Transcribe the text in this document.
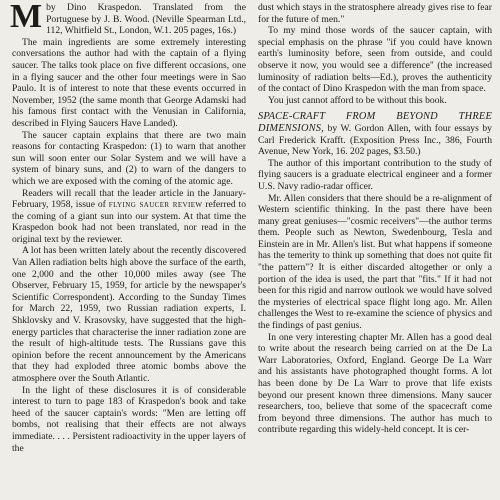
Mby Dino Kraspedon. Translated from the Portuguese by J. B. Wood. (Neville Spearman Ltd., 112, Whitfield St., London, W.1. 205 pages, 16s.)

The main ingredients are some extremely interesting conversations the author had with the captain of a flying saucer. The talks took place on five different occasions, one in a flying saucer and the other four meetings were in Sao Paulo. It is of interest to note that these events occurred in November, 1952 (the same month that George Adamski had his famous first contact with the Venusian in California, described in Flying Saucers Have Landed).

The saucer captain explains that there are two main reasons for contacting Kraspedon: (1) to warn that another sun will soon enter our Solar System and we will have a system of binary suns, and (2) to warn of the dangers to which we are exposed with the coming of the atomic age.

Readers will recall that the leader article in the January-February, 1958, issue of flying saucer review referred to the coming of a giant sun into our system. At that time the Kraspedon book had not been translated, nor read in the original text by the reviewer.

A lot has been written lately about the recently discovered Van Allen radiation belts high above the surface of the earth, one 2,000 and the other 10,000 miles away (see The Observer, February 15, 1959, for article by the newspaper's Scientific Correspondent). According to the Sunday Times for March 22, 1959, two Russian radiation experts, I. Shklovsky and V. Krasovsky, have suggested that the high-energy particles that characterise the inner radiation zone are the result of high-altitude tests. The Russians gave this opinion before the recent announcement by the Americans that they had exploded three atomic bombs above the atmosphere over the South Atlantic.

In the light of these disclosures it is of considerable interest to turn to page 183 of Kraspedon's book and take heed of the saucer captain's words: "Men are letting off bombs, not realising that their effects are not always immediate. . . . Persistent radioactivity in the upper layers of the

dust which stays in the stratosphere already gives rise to fear for the future of men."

To my mind those words of the saucer captain, with special emphasis on the phrase "if you could have known earth's luminosity before, seen from outside, and could observe it now, you would see a difference" (the increased luminosity of radiation belts—Ed.), proves the authenticity of the contact of Dino Kraspedon with the man from space.

You just cannot afford to be without this book.

SPACE-CRAFT FROM BEYOND THREE DIMENSIONS, by W. Gordon Allen, with four essays by Carl Frederick Krafft. (Exposition Press Inc., 386, Fourth Avenue, New York, 16. 202 pages, $3.50.)

The author of this important contribution to the study of flying saucers is a graduate electrical engineer and a former U.S. Navy radio-radar officer.

Mr. Allen considers that there should be a re-alignment of Western scientific thinking. In the past there have been many great geniuses—"cosmic receivers"—the author terms them. People such as Newton, Swedenbourg, Tesla and Einstein are in Mr. Allen's list. But what happens if someone has the temerity to think up something that does not quite fit "the pattern"? It is either discarded altogether or only a portion of the idea is used, the part that "fits." If it had not been for this rigid and narrow outlook we would have solved the mysteries of electrical space flight long ago. Mr. Allen challenges the West to re-examine the science of physics and the findings of past genius.

In one very interesting chapter Mr. Allen has a good deal to write about the research being carried on at the De La Warr Laboratories, Oxford, England. George De La Warr and his assistants have photographed thought forms. A lot has been done by De La Warr to prove that life exists beyond our present known three dimensions. Many saucer researchers, too, believe that some of the spacecraft come from beyond three dimensions. The author has much to contribute regarding this widely-held concept. It is cer-
